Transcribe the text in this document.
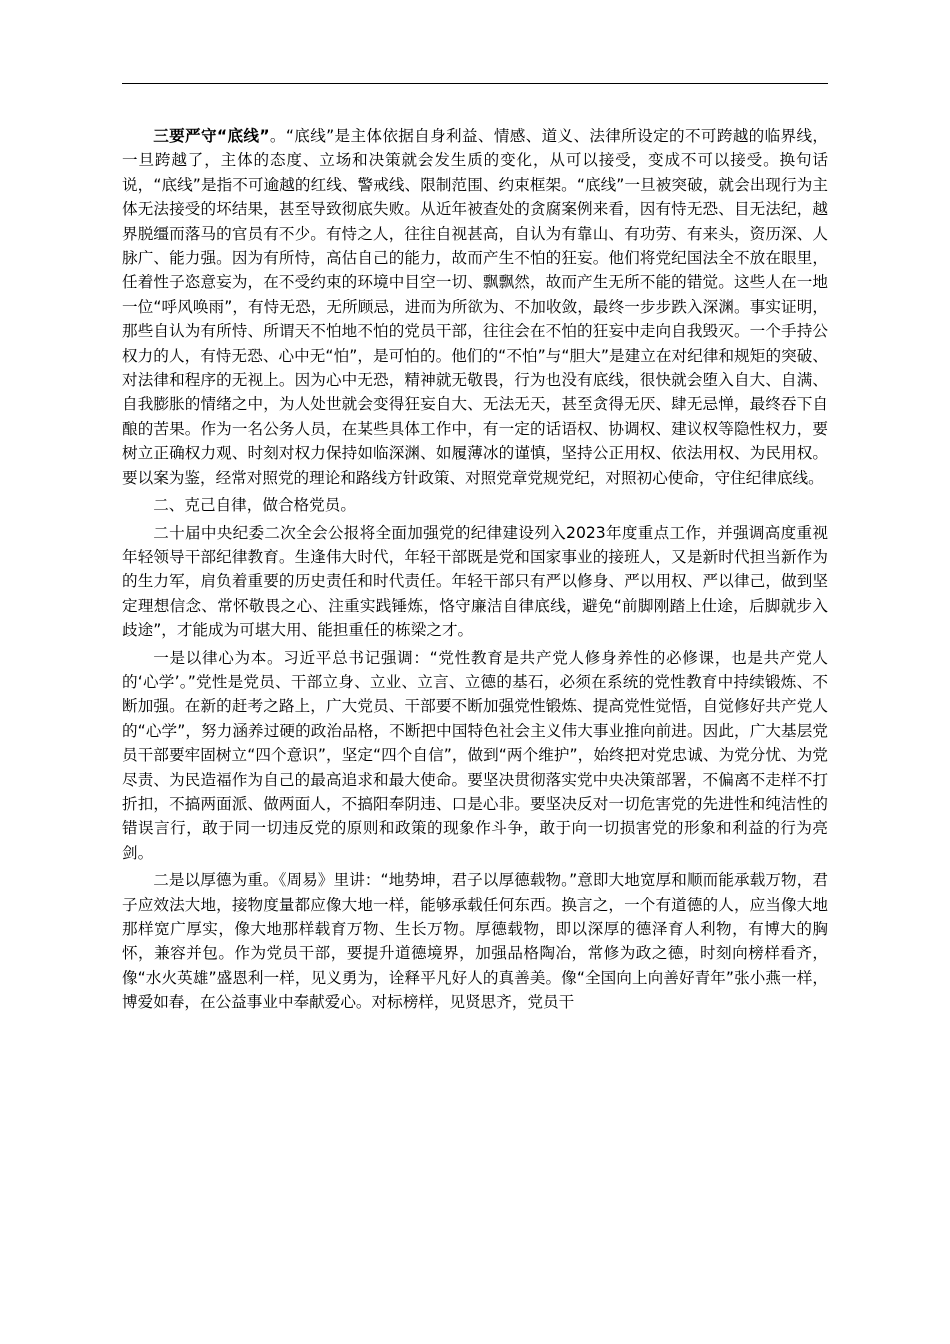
三要严守“底线”。“底线”是主体依据自身利益、情感、道义、法律所设定的不可跨越的临界线，一旦跨越了，主体的态度、立场和决策就会发生质的变化，从可以接受，变成不可以接受。换句话说，“底线”是指不可逾越的红线、警戒线、限制范围、约束框架。“底线”一旦被突破，就会出现行为主体无法接受的坏结果，甚至导致彻底失败。从近年被查处的贪腐案例来看，因有恃无恐、目无法纪，越界脱缰而落马的官员有不少。有恃之人，往往自视甚高，自认为有靠山、有功劳、有来头，资历深、人脉广、能力强。因为有所恃，高估自己的能力，故而产生不怕的狂妄。他们将党纪国法全不放在眼里，任着性子恣意妄为，在不受约束的环境中目空一切、飘飘然，故而产生无所不能的错觉。这些人在一地一位“呼风唤雨”，有恃无恐，无所顾忌，进而为所欲为、不加收敛，最终一步步跌入深渊。事实证明，那些自认为有所恃、所谓天不怕地不怕的党员干部，往往会在不怕的狂妄中走向自我毁灭。一个手持公权力的人，有恃无恐、心中无“怕”，是可怕的。他们的“不怕”与“胆大”是建立在对纪律和规矩的突破、对法律和程序的无视上。因为心中无恐，精神就无敬畏，行为也没有底线，很快就会堕入自大、自满、自我膨胀的情绪之中，为人处世就会变得狂妄自大、无法无天，甚至贪得无厌、肆无忌惮，最终吞下自酿的苦果。作为一名公务人员，在某些具体工作中，有一定的话语权、协调权、建议权等隐性权力，要树立正确权力观、时刻对权力保持如临深渊、如履薄冰的谨慎，坚持公正用权、依法用权、为民用权。要以案为鉴，经常对照党的理论和路线方针政策、对照党章党规党纪，对照初心使命，守住纪律底线。

二、克己自律，做合格党员。

二十届中央纪委二次全会公报将全面加强党的纪律建设列入2023年度重点工作，并强调高度重视年轻领导干部纪律教育。生逢伟大时代，年轻干部既是党和国家事业的接班人，又是新时代担当新作为的生力军，肩负着重要的历史责任和时代责任。年轻干部只有严以修身、严以用权、严以律己，做到坚定理想信念、常怀敬畏之心、注重实践锤炼，恪守廉洁自律底线，避免“前脚刚踏上仕途，后脚就步入歧途”，才能成为可堪大用、能担重任的栋梁之才。

一是以律心为本。习近平总书记强调：“党性教育是共产党人修身养性的必修课，也是共产党人的‘心学’。”党性是党员、干部立身、立业、立言、立德的基石，必须在系统的党性教育中持续锻炼、不断加强。在新的赶考之路上，广大党员、干部要不断加强党性锻炼、提高党性觉悟，自觉修好共产党人的“心学”，努力涵养过硬的政治品格，不断把中国特色社会主义伟大事业推向前进。因此，广大基层党员干部要牢固树立“四个意识”，坚定“四个自信”，做到“两个维护”，始终把对党忠诚、为党分忧、为党尽责、为民造福作为自己的最高追求和最大使命。要坚决贯彻落实党中央决策部署，不偏离不走样不打折扣，不搞两面派、做两面人，不搞阳奉阴违、口是心非。要坚决反对一切危害党的先进性和纯洁性的错误言行，敢于同一切违反党的原则和政策的现象作斗争，敢于向一切损害党的形象和利益的行为亮剑。

二是以厚德为重。《周易》里讲：“地势坤，君子以厚德载物。”意即大地宽厚和顺而能承载万物，君子应效法大地，接物度量都应像大地一样，能够承载任何东西。换言之，一个有道德的人，应当像大地那样宽广厚实，像大地那样载育万物、生长万物。厚德载物，即以深厚的德泽育人利物，有博大的胸怀，兼容并包。作为党员干部，要提升道德境界，加强品格陶冶，常修为政之德，时刻向榜样看齐，像“水火英雄”盛恩利一样，见义勇为，诠释平凡好人的真善美。像“全国向上向善好青年”张小燕一样，博爱如春，在公益事业中奉献爱心。对标榜样，见贤思齐，党员干
